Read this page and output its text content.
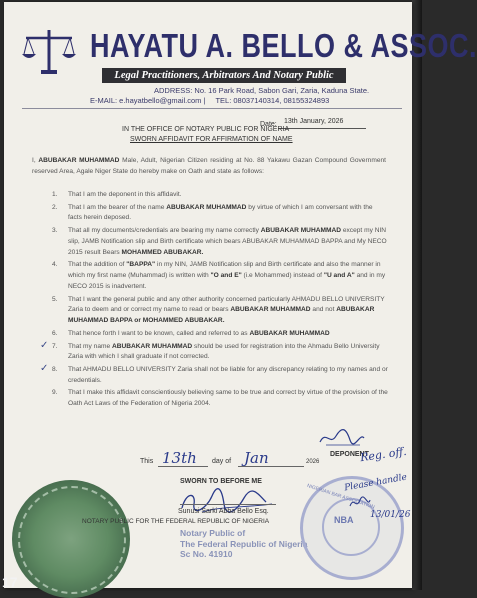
HAYATU A. BELLO & ASSOC.
Legal Practitioners, Arbitrators And Notary Public
ADDRESS: No. 16 Park Road, Sabon Gari, Zaria, Kaduna State.
E-MAIL: e.hayatbello@gmail.com | TEL: 08037140314, 08155324893
Date: 13th January, 2026
IN THE OFFICE OF NOTARY PUBLIC FOR NIGERIA
SWORN AFFIDAVIT FOR AFFIRMATION OF NAME
I, ABUBAKAR MUHAMMAD Male, Adult, Nigerian Citizen residing at No. 88 Yakawu Gazan Compound Government reserved Area, Agale Niger State do hereby make on Oath and state as follows:
1. That I am the deponent in this affidavit.
2. That I am the bearer of the name ABUBAKAR MUHAMMAD by virtue of which I am conversant with the facts herein deposed.
3. That all my documents/credentials are bearing my name correctly ABUBAKAR MUHAMMAD except my NIN slip, JAMB Notification slip and Birth certificate which bears ABUBAKAR MUHAMMAD BAPPA and My NECO 2015 result Bears MOHAMMED ABUBAKAR.
4. That the addition of "BAPPA" in my NIN, JAMB Notification slip and Birth certificate and also the manner in which my first name (Muhammad) is written with "O and E" (i.e Mohammed) instead of "U and A" and in my NECO 2015 is inadvertent.
5. That I want the general public and any other authority concerned particularly AHMADU BELLO UNIVERSITY Zaria to deem and or correct my name to read or bears ABUBAKAR MUHAMMAD and not ABUBAKAR MUHAMMAD BAPPA or MOHAMMED ABUBAKAR.
6. That hence forth I want to be known, called and referred to as ABUBAKAR MUHAMMAD
✓ 7. That my name ABUBAKAR MUHAMMAD should be used for registration into the Ahmadu Bello University Zaria with which I shall graduate if not corrected.
✓ 8. That AHMADU BELLO UNIVERSITY Zaria shall not be liable for any discrepancy relating to my names and or credentials.
9. That I make this affidavit conscientiously believing same to be true and correct by virtue of the provision of the Oath Act Laws of the Federation of Nigeria 2004.
This 13th day of Jan	2026
DEPONENT
Reg. off.
SWORN TO BEFORE ME
Sunusi Sarki Abba Bello Esq.
NOTARY PUBLIC FOR THE FEDERAL REPUBLIC OF NIGERIA
Notary Public of
The Federal Republic of Nigeria
Sc No. 41910
NBA
NIGERIAN BAR ASSOCIATION
Please handle
13/01/26
17
